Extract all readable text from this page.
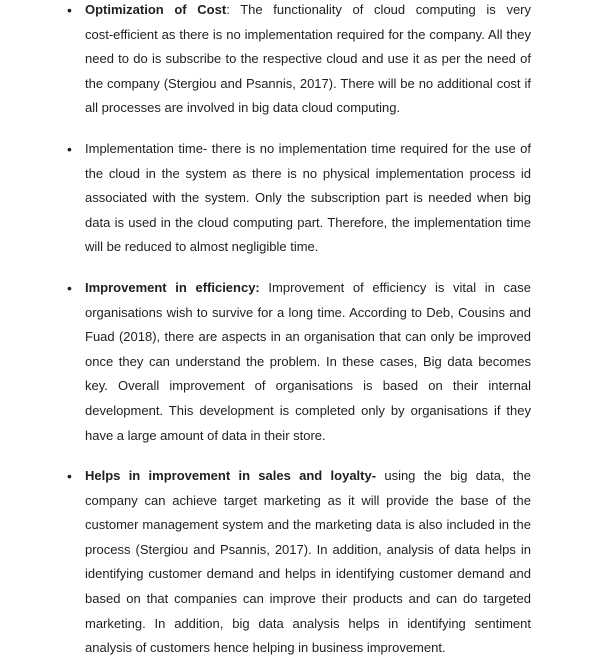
• Optimization of Cost: The functionality of cloud computing is very
cost-efficient as there is no implementation required for the company. All they
need to do is subscribe to the respective cloud and use it as per the need of
the company (Stergiou and Psannis, 2017). There will be no additional cost if
all processes are involved in big data cloud computing.
• Implementation time- there is no implementation time required for the use of
the cloud in the system as there is no physical implementation process id
associated with the system. Only the subscription part is needed when big
data is used in the cloud computing part. Therefore, the implementation time
will be reduced to almost negligible time.
• Improvement in efficiency: Improvement of efficiency is vital in case
organisations wish to survive for a long time. According to Deb, Cousins and
Fuad (2018), there are aspects in an organisation that can only be improved
once they can understand the problem. In these cases, Big data becomes
key. Overall improvement of organisations is based on their internal
development. This development is completed only by organisations if they
have a large amount of data in their store.
• Helps in improvement in sales and loyalty- using the big data, the
company can achieve target marketing as it will provide the base of the
customer management system and the marketing data is also included in the
process (Stergiou and Psannis, 2017). In addition, analysis of data helps in
identifying customer demand and helps in identifying customer demand and
based on that companies can improve their products and can do targeted
marketing. In addition, big data analysis helps in identifying sentiment
analysis of customers hence helping in business improvement.
